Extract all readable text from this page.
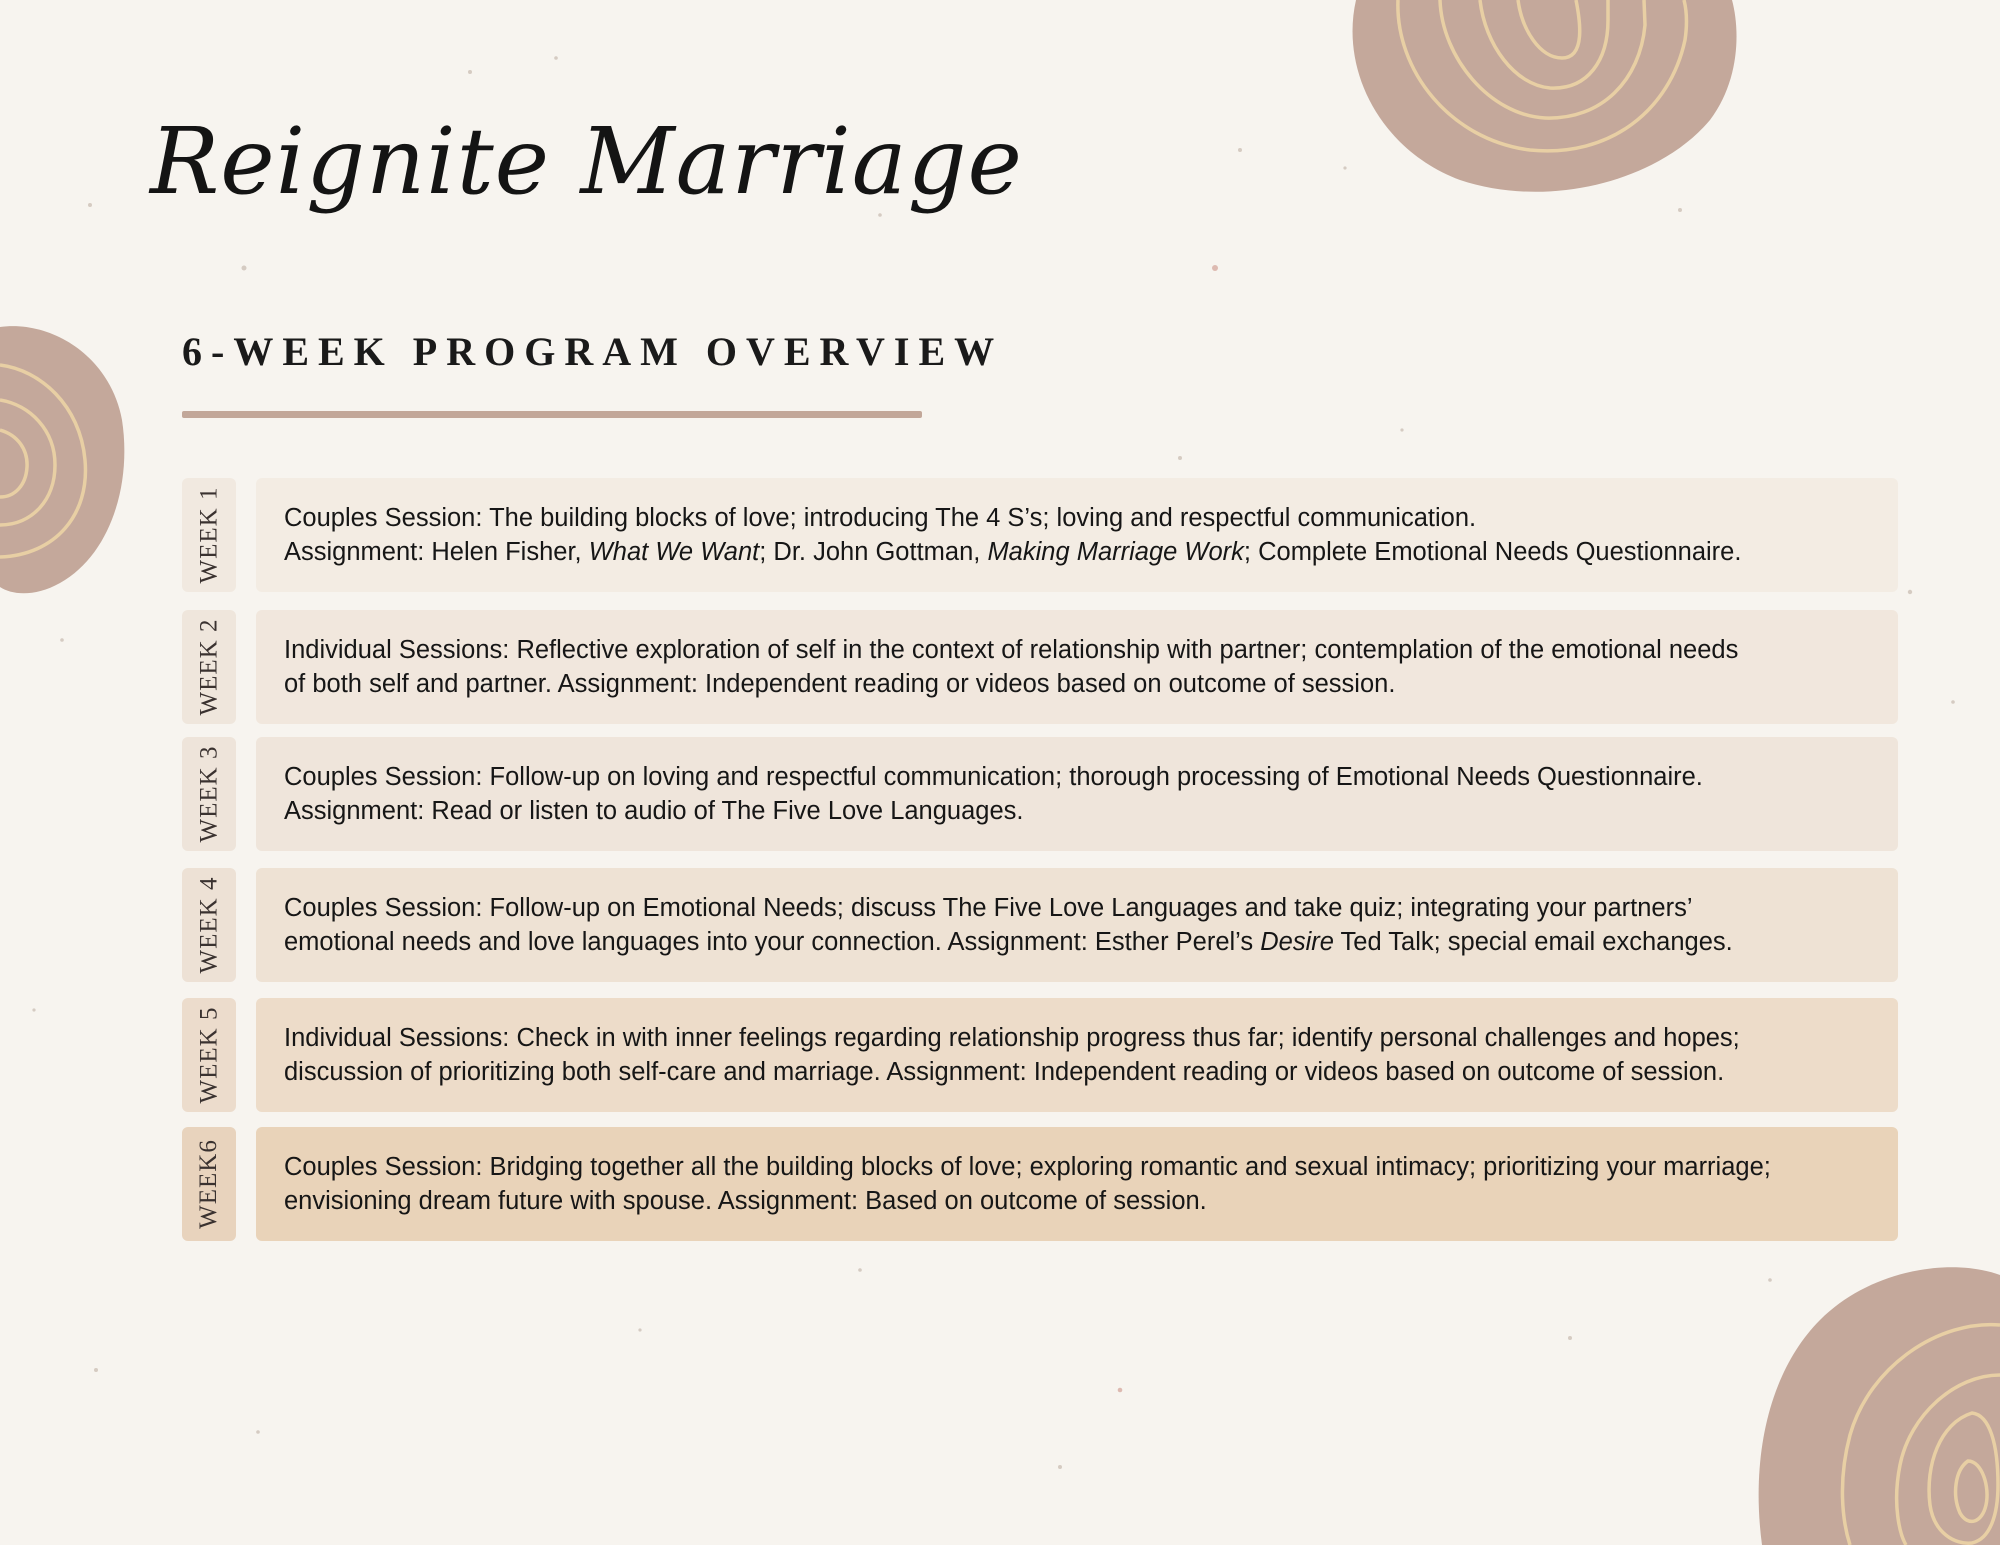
Reignite Marriage
6-WEEK PROGRAM OVERVIEW
WEEK 1 Couples Session: The building blocks of love; introducing The 4 S’s; loving and respectful communication.
Assignment: Helen Fisher, What We Want; Dr. John Gottman, Making Marriage Work; Complete Emotional Needs Questionnaire.
WEEK 2 Individual Sessions: Reflective exploration of self in the context of relationship with partner; contemplation of the emotional needs
of both self and partner. Assignment: Independent reading or videos based on outcome of session.
WEEK 3 Couples Session: Follow-up on loving and respectful communication; thorough processing of Emotional Needs Questionnaire.
Assignment: Read or listen to audio of The Five Love Languages.
WEEK 4 Couples Session: Follow-up on Emotional Needs; discuss The Five Love Languages and take quiz; integrating your partners’
emotional needs and love languages into your connection. Assignment: Esther Perel’s Desire Ted Talk; special email exchanges.
WEEK 5 Individual Sessions: Check in with inner feelings regarding relationship progress thus far; identify personal challenges and hopes;
discussion of prioritizing both self-care and marriage. Assignment: Independent reading or videos based on outcome of session.
WEEK6 Couples Session: Bridging together all the building blocks of love; exploring romantic and sexual intimacy; prioritizing your marriage;
envisioning dream future with spouse. Assignment: Based on outcome of session.
